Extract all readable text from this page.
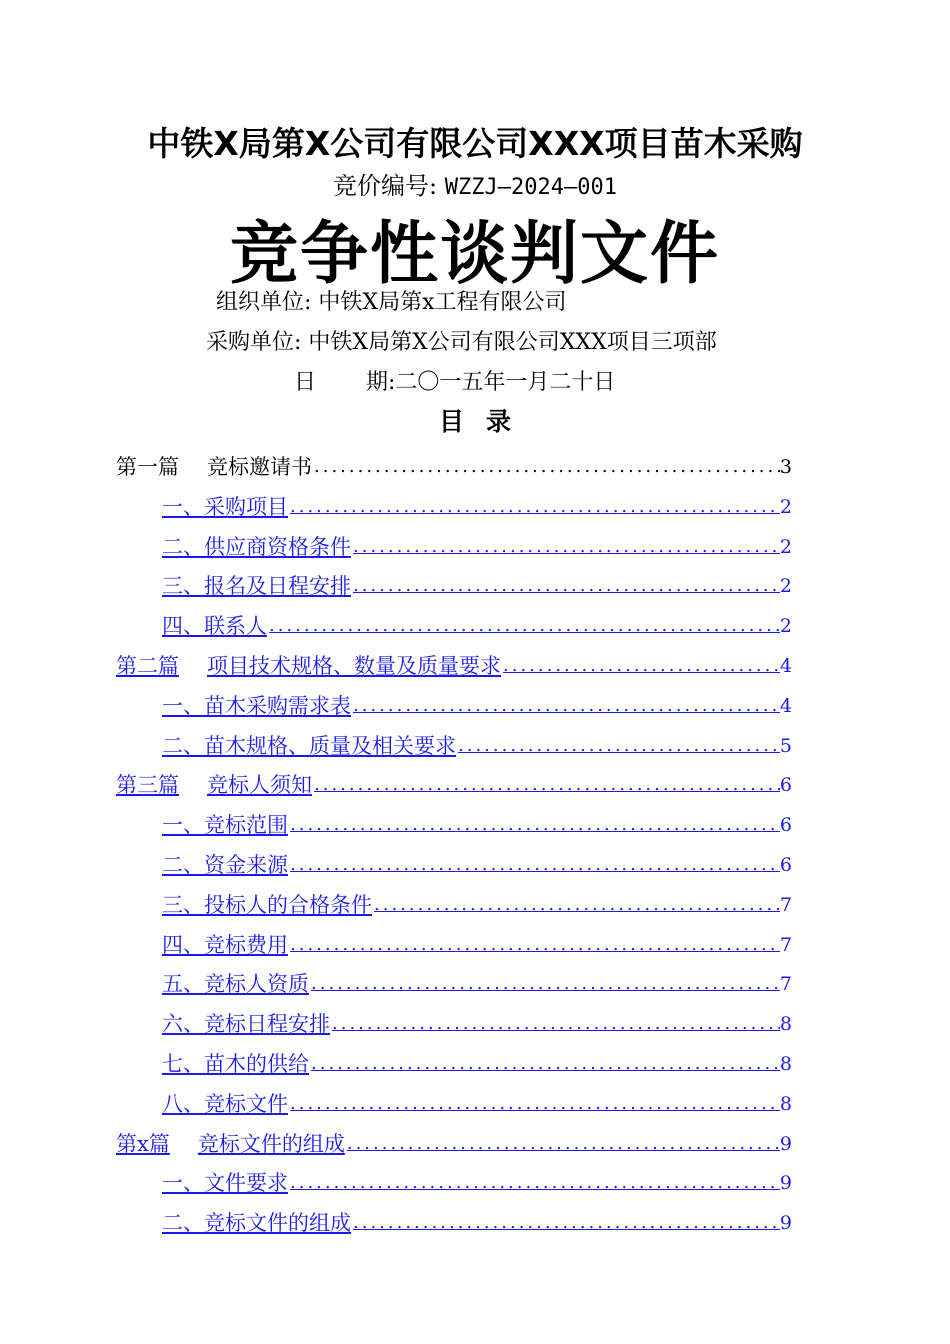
中铁X局第X公司有限公司XXX项目苗木采购
竞价编号: WZZJ—2024—001
竞争性谈判文件
组织单位: 中铁X局第x工程有限公司
采购单位: 中铁X局第X公司有限公司XXX项目三项部
日 期:二〇一五年一月二十日
目录
第一篇 竞标邀请书 .....	3
一、采购项目 .....	2
二、供应商资格条件 .....	2
三、报名及日程安排 .....	2
四、联系人 .....	2
第二篇 项目技术规格、数量及质量要求 .....	4
一、苗木采购需求表 .....	4
二、苗木规格、质量及相关要求 .....	5
第三篇 竞标人须知 .....	6
一、竞标范围 .....	6
二、资金来源 .....	6
三、投标人的合格条件 .....	7
四、竞标费用 .....	7
五、竞标人资质 .....	7
六、竞标日程安排 .....	8
七、苗木的供给 .....	8
八、竞标文件 .....	8
第x篇 竞标文件的组成 .....	9
一、文件要求 .....	9
二、竞标文件的组成 .....	9
